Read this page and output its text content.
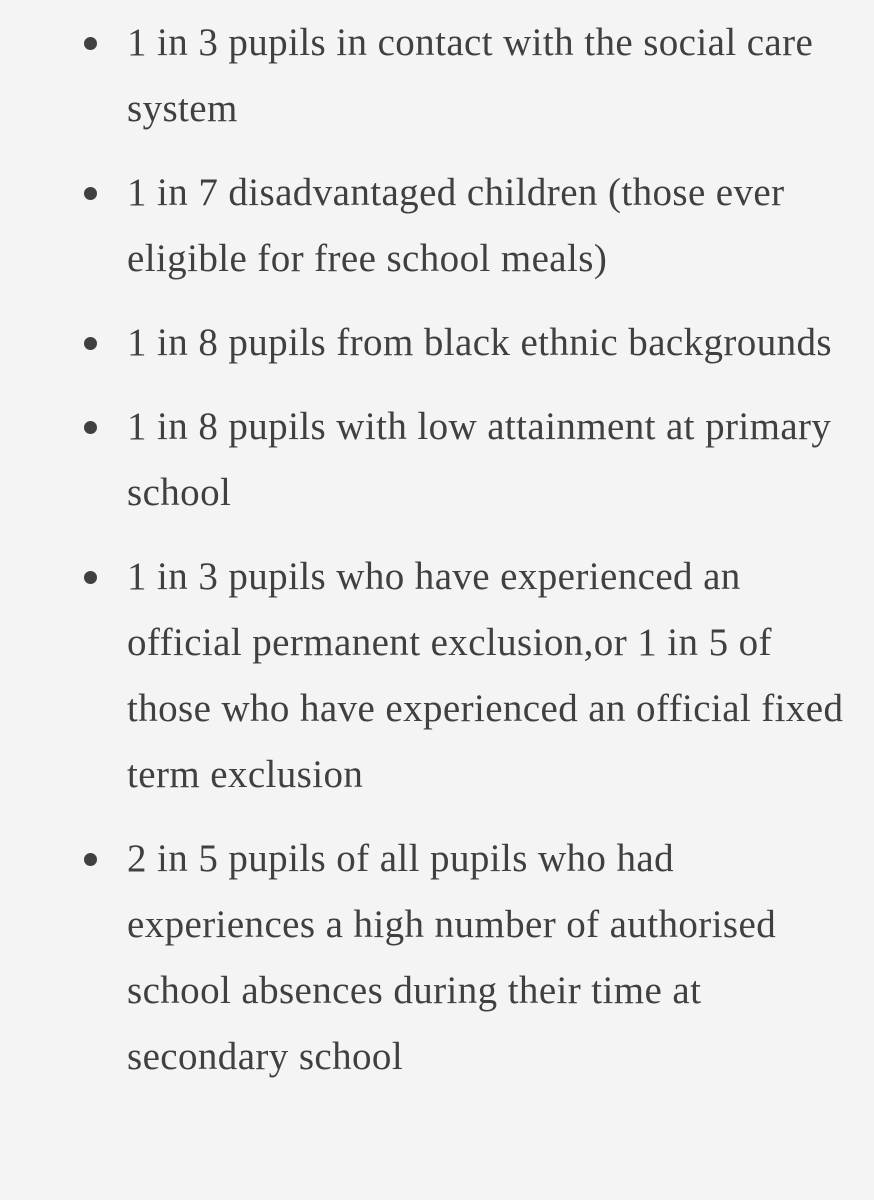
1 in 3 pupils in contact with the social care system
1 in 7 disadvantaged children (those ever eligible for free school meals)
1 in 8 pupils from black ethnic backgrounds
1 in 8 pupils with low attainment at primary school
1 in 3 pupils who have experienced an official permanent exclusion,or 1 in 5 of those who have experienced an official fixed term exclusion
2 in 5 pupils of all pupils who had experiences a high number of authorised school absences during their time at secondary school
